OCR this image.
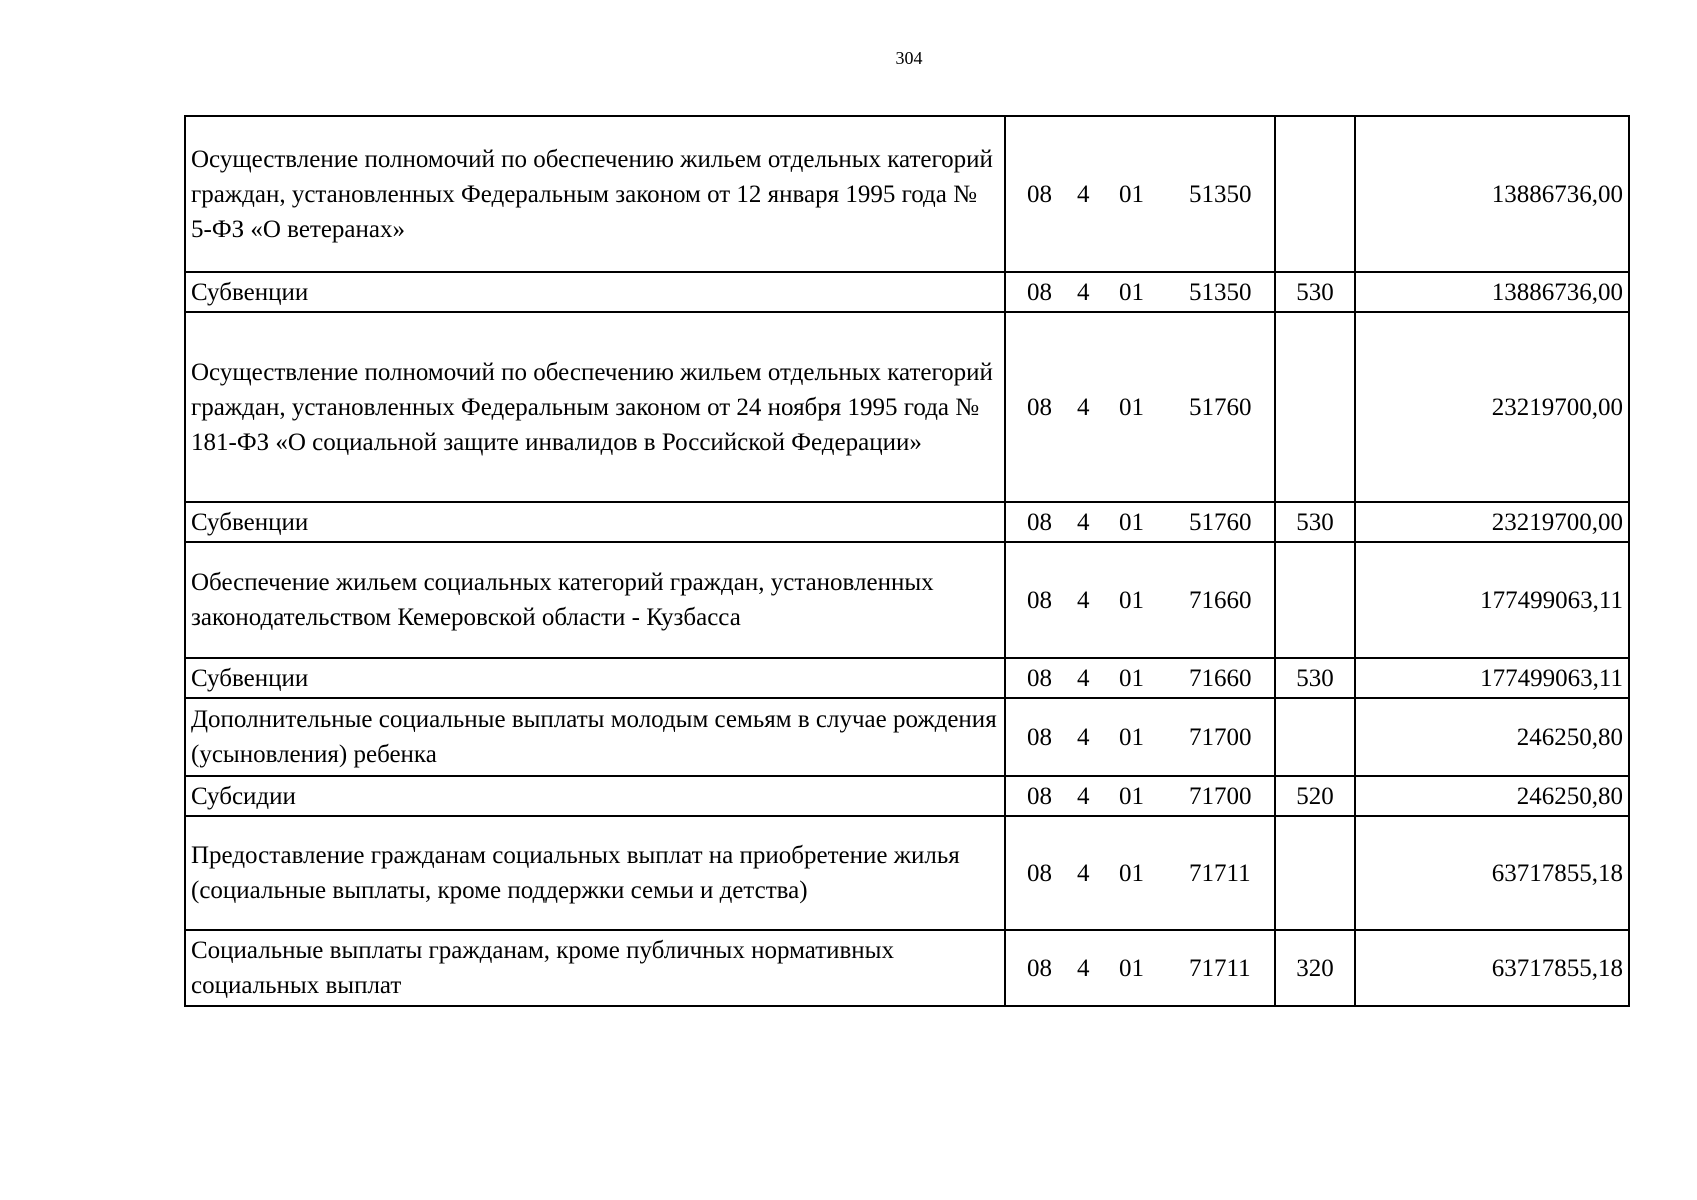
304
Осуществление полномочий по обеспечению жильем отдельных категорий граждан, установленных Федеральным законом от 12 января 1995 года № 5-ФЗ «О ветеранах»	08 4 01 51350		13886736,00

Субвенции	08 4 01 51350	530	13886736,00

Осуществление полномочий по обеспечению жильем отдельных категорий граждан, установленных Федеральным законом от 24 ноября 1995 года № 181-ФЗ «О социальной защите инвалидов в Российской Федерации»	08 4 01 51760		23219700,00

Субвенции	08 4 01 51760	530	23219700,00

Обеспечение жильем социальных категорий граждан, установленных законодательством Кемеровской области - Кузбасса	08 4 01 71660		177499063,11

Субвенции	08 4 01 71660	530	177499063,11

Дополнительные социальные выплаты молодым семьям в случае рождения (усыновления) ребенка	08 4 01 71700		246250,80

Субсидии	08 4 01 71700	520	246250,80

Предоставление гражданам социальных выплат на приобретение жилья (социальные выплаты, кроме поддержки семьи и детства)	08 4 01 71711		63717855,18

Социальные выплаты гражданам, кроме публичных нормативных социальных выплат	08 4 01 71711	320	63717855,18
